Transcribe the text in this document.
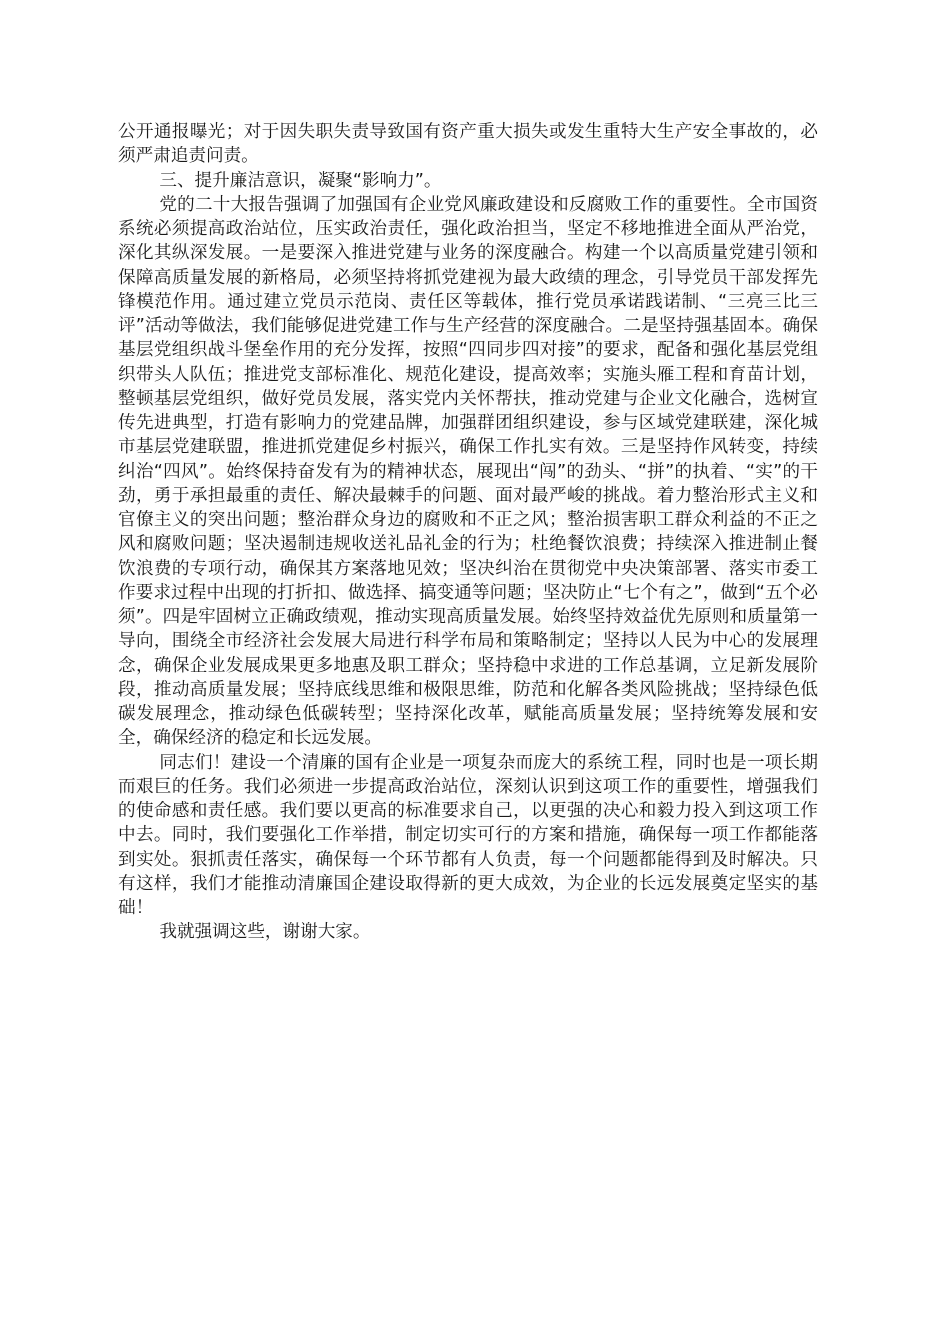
公开通报曝光；对于因失职失责导致国有资产重大损失或发生重特大生产安全事故的，必须严肃追责问责。

三、提升廉洁意识，凝聚“影响力”。

党的二十大报告强调了加强国有企业党风廉政建设和反腐败工作的重要性。全市国资系统必须提高政治站位，压实政治责任，强化政治担当，坚定不移地推进全面从严治党，深化其纵深发展。一是要深入推进党建与业务的深度融合。构建一个以高质量党建引领和保障高质量发展的新格局，必须坚持将抓党建视为最大政绩的理念，引导党员干部发挥先锋模范作用。通过建立党员示范岗、责任区等载体，推行党员承诺践诺制、“三亮三比三评”活动等做法，我们能够促进党建工作与生产经营的深度融合。二是坚持强基固本。确保基层党组织战斗堡垒作用的充分发挥，按照“四同步四对接”的要求，配备和强化基层党组织带头人队伍；推进党支部标准化、规范化建设，提高效率；实施头雁工程和育苗计划，整顿基层党组织，做好党员发展，落实党内关怀帮扶，推动党建与企业文化融合，选树宣传先进典型，打造有影响力的党建品牌，加强群团组织建设，参与区域党建联建，深化城市基层党建联盟，推进抓党建促乡村振兴，确保工作扎实有效。三是坚持作风转变，持续纠治“四风”。始终保持奋发有为的精神状态，展现出“闯”的劲头、“拼”的执着、“实”的干劲，勇于承担最重的责任、解决最棘手的问题、面对最严峻的挑战。着力整治形式主义和官僚主义的突出问题；整治群众身边的腐败和不正之风；整治损害职工群众利益的不正之风和腐败问题；坚决遏制违规收送礼品礼金的行为；杜绝餐饮浪费；持续深入推进制止餐饮浪费的专项行动，确保其方案落地见效；坚决纠治在贯彻党中央决策部署、落实市委工作要求过程中出现的打折扣、做选择、搞变通等问题；坚决防止“七个有之”，做到“五个必须”。四是牢固树立正确政绩观，推动实现高质量发展。始终坚持效益优先原则和质量第一导向，围绕全市经济社会发展大局进行科学布局和策略制定；坚持以人民为中心的发展理念，确保企业发展成果更多地惠及职工群众；坚持稳中求进的工作总基调，立足新发展阶段，推动高质量发展；坚持底线思维和极限思维，防范和化解各类风险挑战；坚持绿色低碳发展理念，推动绿色低碳转型；坚持深化改革，赋能高质量发展；坚持统筹发展和安全，确保经济的稳定和长远发展。

同志们！建设一个清廉的国有企业是一项复杂而庞大的系统工程，同时也是一项长期而艰巨的任务。我们必须进一步提高政治站位，深刻认识到这项工作的重要性，增强我们的使命感和责任感。我们要以更高的标准要求自己，以更强的决心和毅力投入到这项工作中去。同时，我们要强化工作举措，制定切实可行的方案和措施，确保每一项工作都能落到实处。狠抓责任落实，确保每一个环节都有人负责，每一个问题都能得到及时解决。只有这样，我们才能推动清廉国企建设取得新的更大成效，为企业的长远发展奠定坚实的基础！

我就强调这些，谢谢大家。
